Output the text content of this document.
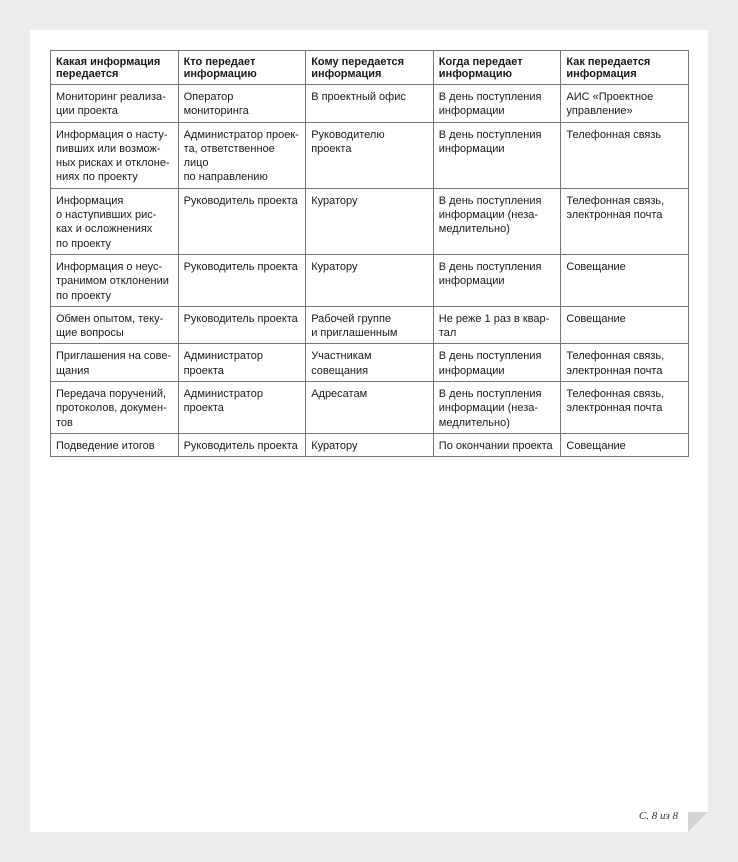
Какая информация
передается	Кто передает
информацию	Кому передается
информация	Когда передает
информацию	Как передается
информация

Мониторинг реализа-
ции проекта	Оператор мониторинга	В проектный офис	В день поступления
информации	АИС «Проектное
управление»

Информация о насту-
пивших или возмож-
ных рисках и отклоне-
ниях по проекту	Администратор проек-
та, ответственное лицо
по направлению	Руководителю проекта	В день поступления
информации	Телефонная связь

Информация
о наступивших рис-
ках и осложнениях
по проекту	Руководитель проекта	Куратору	В день поступления
информации (неза-
медлительно)	Телефонная связь,
электронная почта

Информация о неус-
транимом отклонении
по проекту	Руководитель проекта	Куратору	В день поступления
информации	Совещание

Обмен опытом, теку-
щие вопросы	Руководитель проекта	Рабочей группе
и приглашенным	Не реже 1 раз в квар-
тал	Совещание

Приглашения на сове-
щания	Администратор
проекта	Участникам совещания	В день поступления
информации	Телефонная связь,
электронная почта

Передача поручений,
протоколов, докумен-
тов	Администратор
проекта	Адресатам	В день поступления
информации (неза-
медлительно)	Телефонная связь,
электронная почта

Подведение итогов	Руководитель проекта	Куратору	По окончании проекта	Совещание
С. 8 из 8
